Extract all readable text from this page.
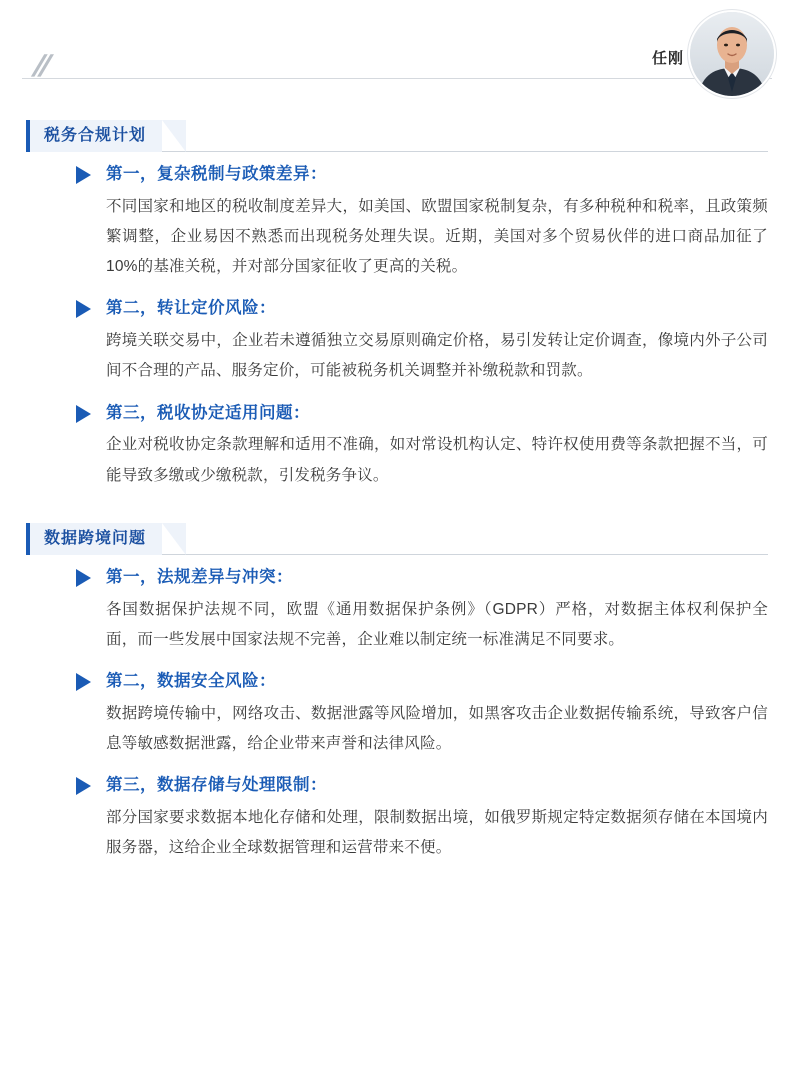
//	任刚
税务合规计划
第一，复杂税制与政策差异：
不同国家和地区的税收制度差异大，如美国、欧盟国家税制复杂，有多种税种和税率，且政策频繁调整，企业易因不熟悉而出现税务处理失误。近期，美国对多个贸易伙伴的进口商品加征了10%的基准关税，并对部分国家征收了更高的关税。
第二，转让定价风险：
跨境关联交易中，企业若未遵循独立交易原则确定价格，易引发转让定价调查，像境内外子公司间不合理的产品、服务定价，可能被税务机关调整并补缴税款和罚款。
第三，税收协定适用问题：
企业对税收协定条款理解和适用不准确，如对常设机构认定、特许权使用费等条款把握不当，可能导致多缴或少缴税款，引发税务争议。
数据跨境问题
第一，法规差异与冲突：
各国数据保护法规不同，欧盟《通用数据保护条例》（GDPR）严格，对数据主体权利保护全面，而一些发展中国家法规不完善，企业难以制定统一标准满足不同要求。
第二，数据安全风险：
数据跨境传输中，网络攻击、数据泄露等风险增加，如黑客攻击企业数据传输系统，导致客户信息等敏感数据泄露，给企业带来声誉和法律风险。
第三，数据存储与处理限制：
部分国家要求数据本地化存储和处理，限制数据出境，如俄罗斯规定特定数据须存储在本国境内服务器，这给企业全球数据管理和运营带来不便。
